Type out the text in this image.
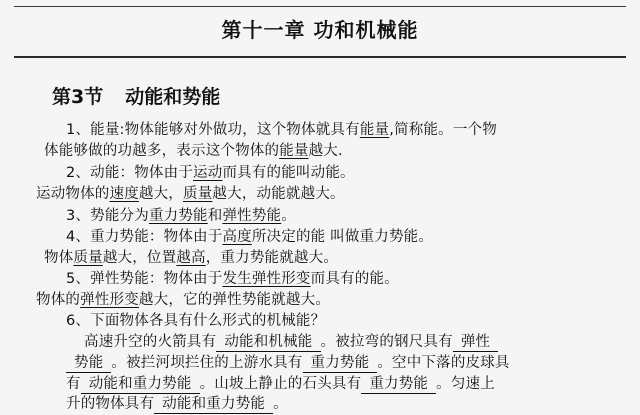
第十一章 功和机械能
第3节 动能和势能
1、能量:物体能够对外做功，这个物体就具有能量,简称能。一个物
体能够做的功越多，表示这个物体的能量越大.
2、动能：物体由于运动而具有的能叫动能。
运动物体的速度越大，质量越大，动能就越大。
3、势能分为重力势能和弹性势能。
4、重力势能：物体由于高度所决定的能 叫做重力势能。
物体质量越大，位置越高，重力势能就越大。
5、弹性势能：物体由于发生弹性形变而具有的能。
物体的弹性形变越大，它的弹性势能就越大。
6、下面物体各具有什么形式的机械能？
高速升空的火箭具有 动能和机械能 。被拉弯的钢尺具有 弹性
势能 。被拦河坝拦住的上游水具有 重力势能 。空中下落的皮球具
有 动能和重力势能 。山坡上静止的石头具有 重力势能 。匀速上
升的物体具有 动能和重力势能 。
